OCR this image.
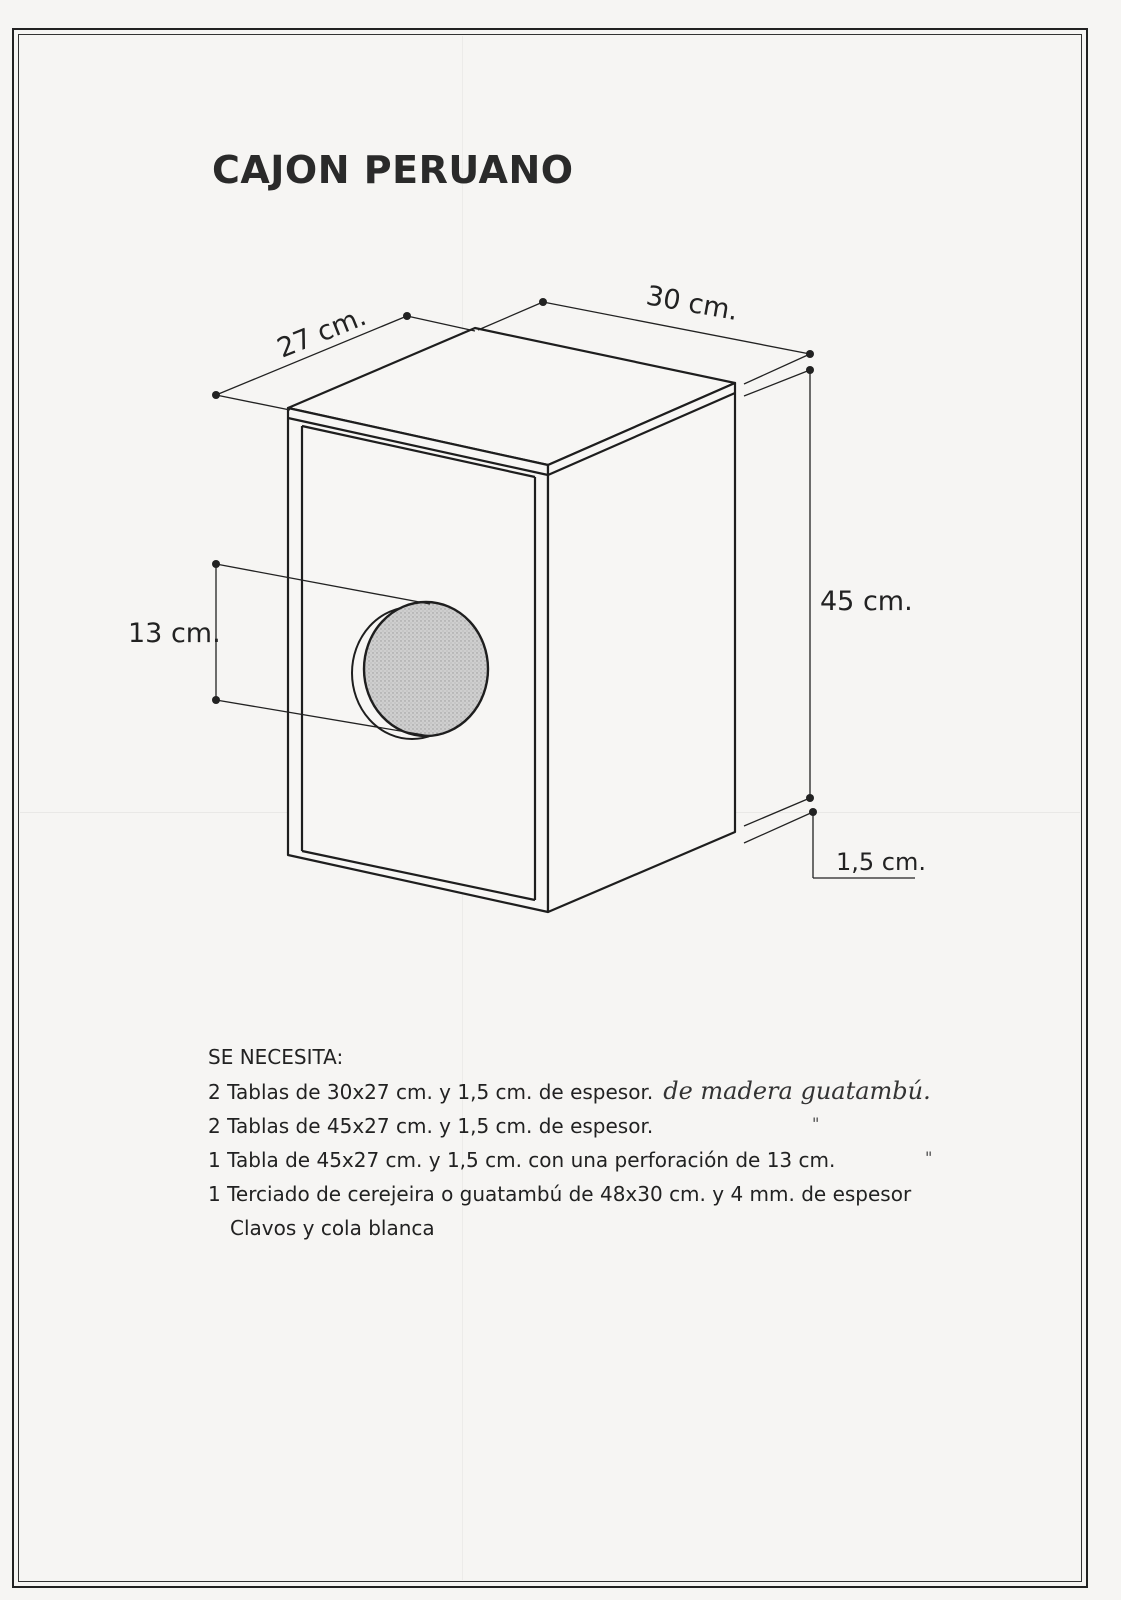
CAJON PERUANO
27 cm.	30 cm.
45 cm.
1,5 cm.
13 cm.
SE NECESITA:
2 Tablas de 30x27 cm. y 1,5 cm. de espesor. de madera guatambú.
2 Tablas de 45x27 cm. y 1,5 cm. de espesor.
1 Tabla de 45x27 cm. y 1,5 cm. con una perforación de 13 cm.
1 Terciado de cerejeira o guatambú de 48x30 cm. y 4 mm. de espesor
Clavos y cola blanca
"
"
